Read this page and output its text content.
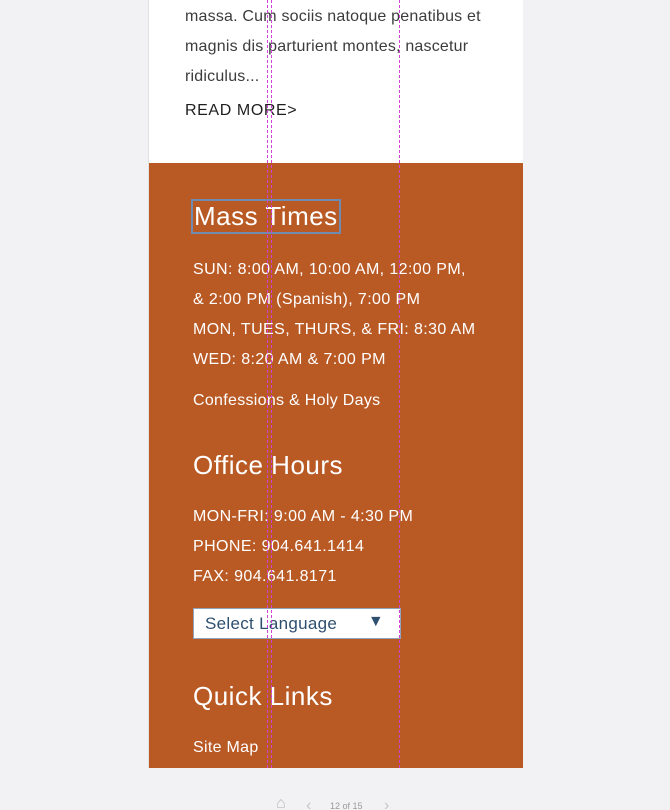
massa. Cum sociis natoque penatibus et magnis dis parturient montes, nascetur ridiculus...
READ MORE>
Mass Times
SUN: 8:00 AM, 10:00 AM, 12:00 PM,
& 2:00 PM (Spanish), 7:00 PM
MON, TUES, THURS, & FRI: 8:30 AM
WED: 8:20 AM & 7:00 PM
Confessions & Holy Days
Office Hours
MON-FRI: 9:00 AM - 4:30 PM
PHONE: 904.641.1414
FAX: 904.641.8171
Select Language ▼
Quick Links
Site Map
⌂ ‹ 12 of 15 ›
